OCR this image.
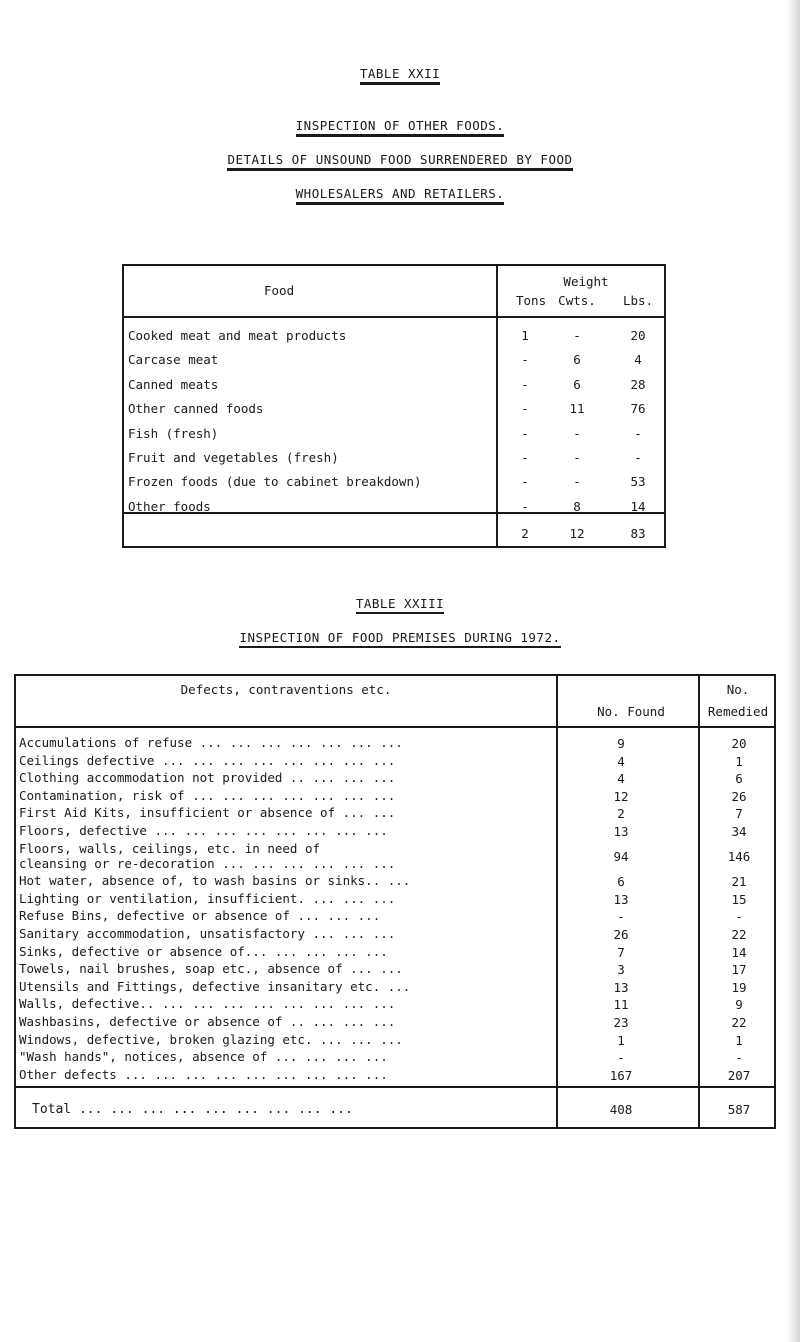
TABLE XXII
INSPECTION OF OTHER FOODS.
DETAILS OF UNSOUND FOOD SURRENDERED BY FOOD
WHOLESALERS AND RETAILERS.
Food
Weight
Tons Cwts.	Lbs.
Cooked meat and meat products	1	-	20
Carcase meat	-	6	4
Canned meats	-	6	28
Other canned foods	-	11	76
Fish (fresh)	-	-	-
Fruit and vegetables (fresh)	-	-	-
Frozen foods (due to cabinet breakdown)	-	-	53
Other foods	-	8	14
2	12	83
TABLE XXIII
INSPECTION OF FOOD PREMISES DURING 1972.
Defects, contraventions etc.
No. Found
No.
Remedied
Accumulations of refuse ... ... ... ... ... ... ...	9	20
Ceilings defective ... ... ... ... ... ... ... ...	4	1
Clothing accommodation not provided .. ... ... ...	4	6
Contamination, risk of ... ... ... ... ... ... ...	12	26
First Aid Kits, insufficient or absence of ... ...	2	7
Floors, defective ... ... ... ... ... ... ... ...	13	34
Floors, walls, ceilings, etc. in need of
cleansing or re-decoration ... ... ... ... ... ...	94	146
Hot water, absence of, to wash basins or sinks.. ...	6	21
Lighting or ventilation, insufficient. ... ... ...	13	15
Refuse Bins, defective or absence of ... ... ...	-	-
Sanitary accommodation, unsatisfactory ... ... ...	26	22
Sinks, defective or absence of... ... ... ... ...	7	14
Towels, nail brushes, soap etc., absence of ... ...	3	17
Utensils and Fittings, defective insanitary etc. ...	13	19
Walls, defective.. ... ... ... ... ... ... ... ...	11	9
Washbasins, defective or absence of .. ... ... ...	23	22
Windows, defective, broken glazing etc. ... ... ...	1	1
"Wash hands", notices, absence of ... ... ... ...	-	-
Other defects ... ... ... ... ... ... ... ... ...	167	207
Total ... ... ... ... ... ... ... ... ...	408	587
